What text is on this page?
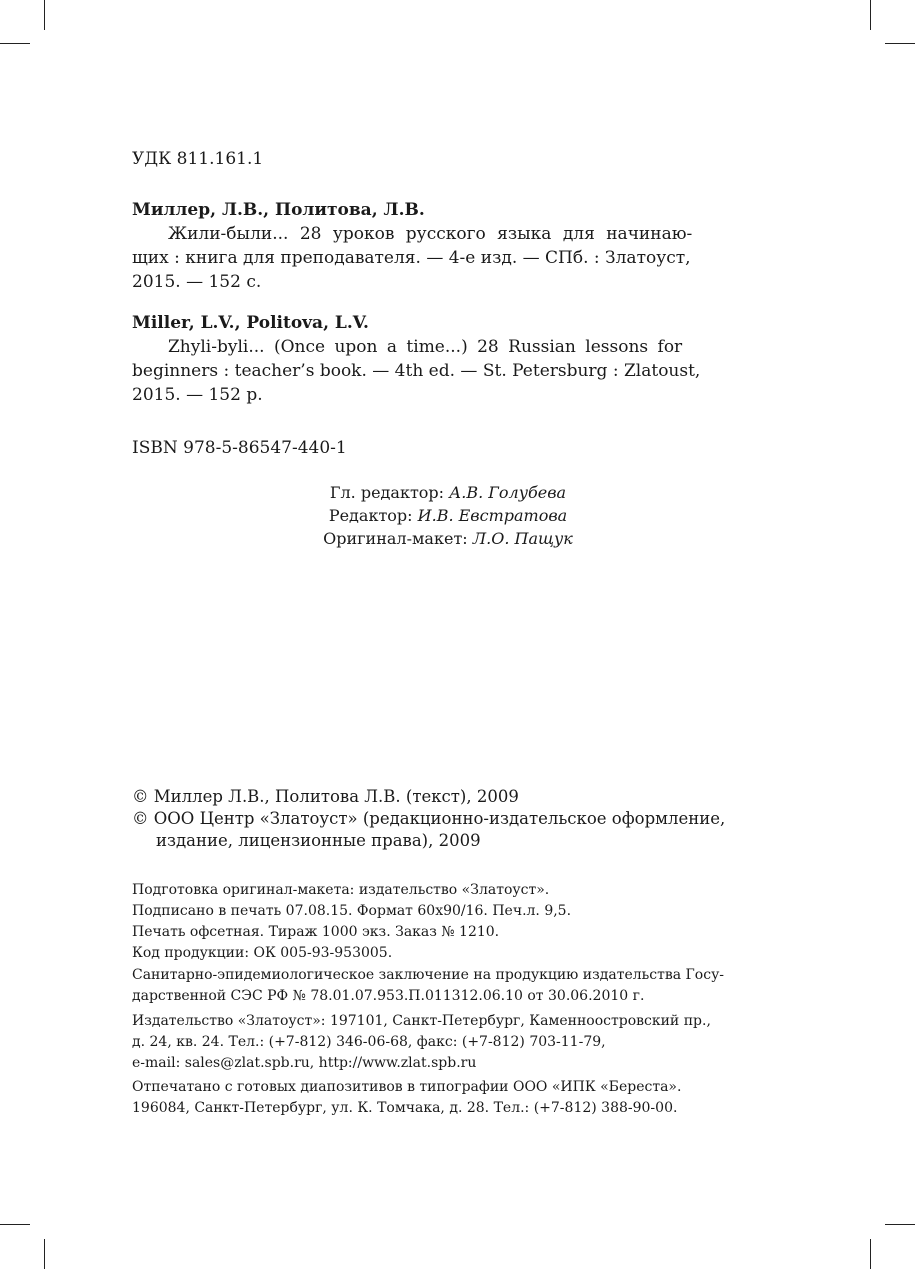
УДК 811.161.1
Миллер, Л.В., Политова, Л.В.
Жили-были... 28 уроков русского языка для начинаю-
щих : книга для преподавателя. — 4-е изд. — СПб. : Златоуст,
2015. — 152 с.
Miller, L.V., Politova, L.V.
Zhyli-byli... (Once upon a time...) 28 Russian lessons for
beginners : teacher’s book. — 4th ed. — St. Petersburg : Zlatoust,
2015. — 152 p.
ISBN 978-5-86547-440-1
Гл. редактор: А.В. Голубева
Редактор: И.В. Евстратова
Оригинал-макет: Л.О. Пащук
© Миллер Л.В., Политова Л.В. (текст), 2009
© ООО Центр «Златоуст» (редакционно-издательское оформление,
издание, лицензионные права), 2009
Подготовка оригинал-макета: издательство «Златоуст».
Подписано в печать 07.08.15. Формат 60х90/16. Печ.л. 9,5.
Печать офсетная. Тираж 1000 экз. Заказ № 1210.
Код продукции: ОК 005-93-953005.
Санитарно-эпидемиологическое заключение на продукцию издательства Госу-
дарственной СЭС РФ № 78.01.07.953.П.011312.06.10 от 30.06.2010 г.
Издательство «Златоуст»: 197101, Санкт-Петербург, Каменноостровский пр.,
д. 24, кв. 24. Тел.: (+7-812) 346-06-68, факс: (+7-812) 703-11-79,
e-mail: sales@zlat.spb.ru, http://www.zlat.spb.ru
Отпечатано с готовых диапозитивов в типографии ООО «ИПК «Береста».
196084, Санкт-Петербург, ул. К. Томчака, д. 28. Тел.: (+7-812) 388-90-00.
